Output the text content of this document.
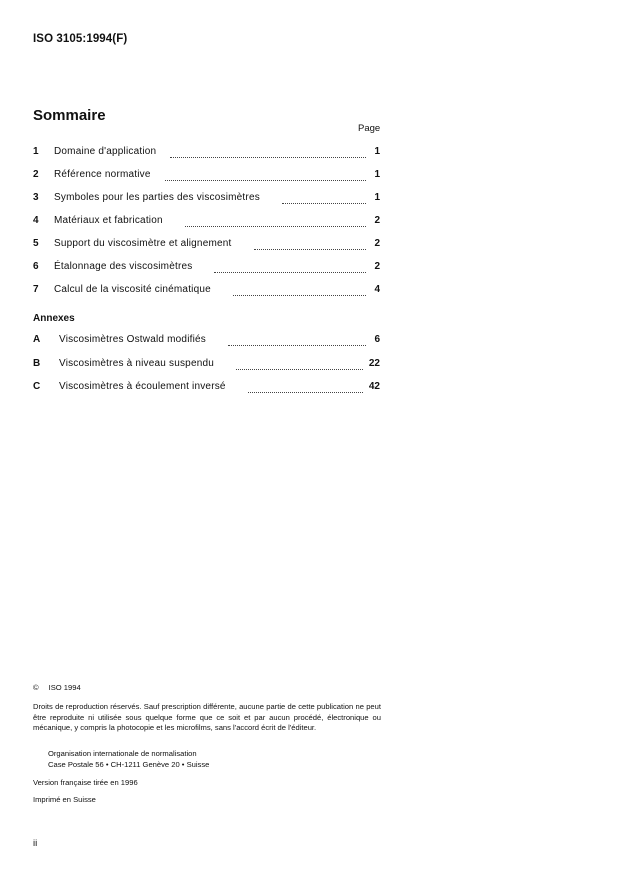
ISO 3105:1994(F)
Sommaire
Page
1	Domaine d'application	1
2	Référence normative	1
3	Symboles pour les parties des viscosimètres	1
4	Matériaux et fabrication	2
5	Support du viscosimètre et alignement	2
6	Étalonnage des viscosimètres	2
7	Calcul de la viscosité cinématique	4
Annexes
A	Viscosimètres Ostwald modifiés	6
B	Viscosimètres à niveau suspendu	22
C	Viscosimètres à écoulement inversé	42
© ISO 1994
Droits de reproduction réservés. Sauf prescription différente, aucune partie de cette publication ne peut être reproduite ni utilisée sous quelque forme que ce soit et par aucun procédé, électronique ou mécanique, y compris la photocopie et les microfilms, sans l'accord écrit de l'éditeur.
Organisation internationale de normalisation
Case Postale 56 • CH-1211 Genève 20 • Suisse
Version française tirée en 1996
Imprimé en Suisse
ii
